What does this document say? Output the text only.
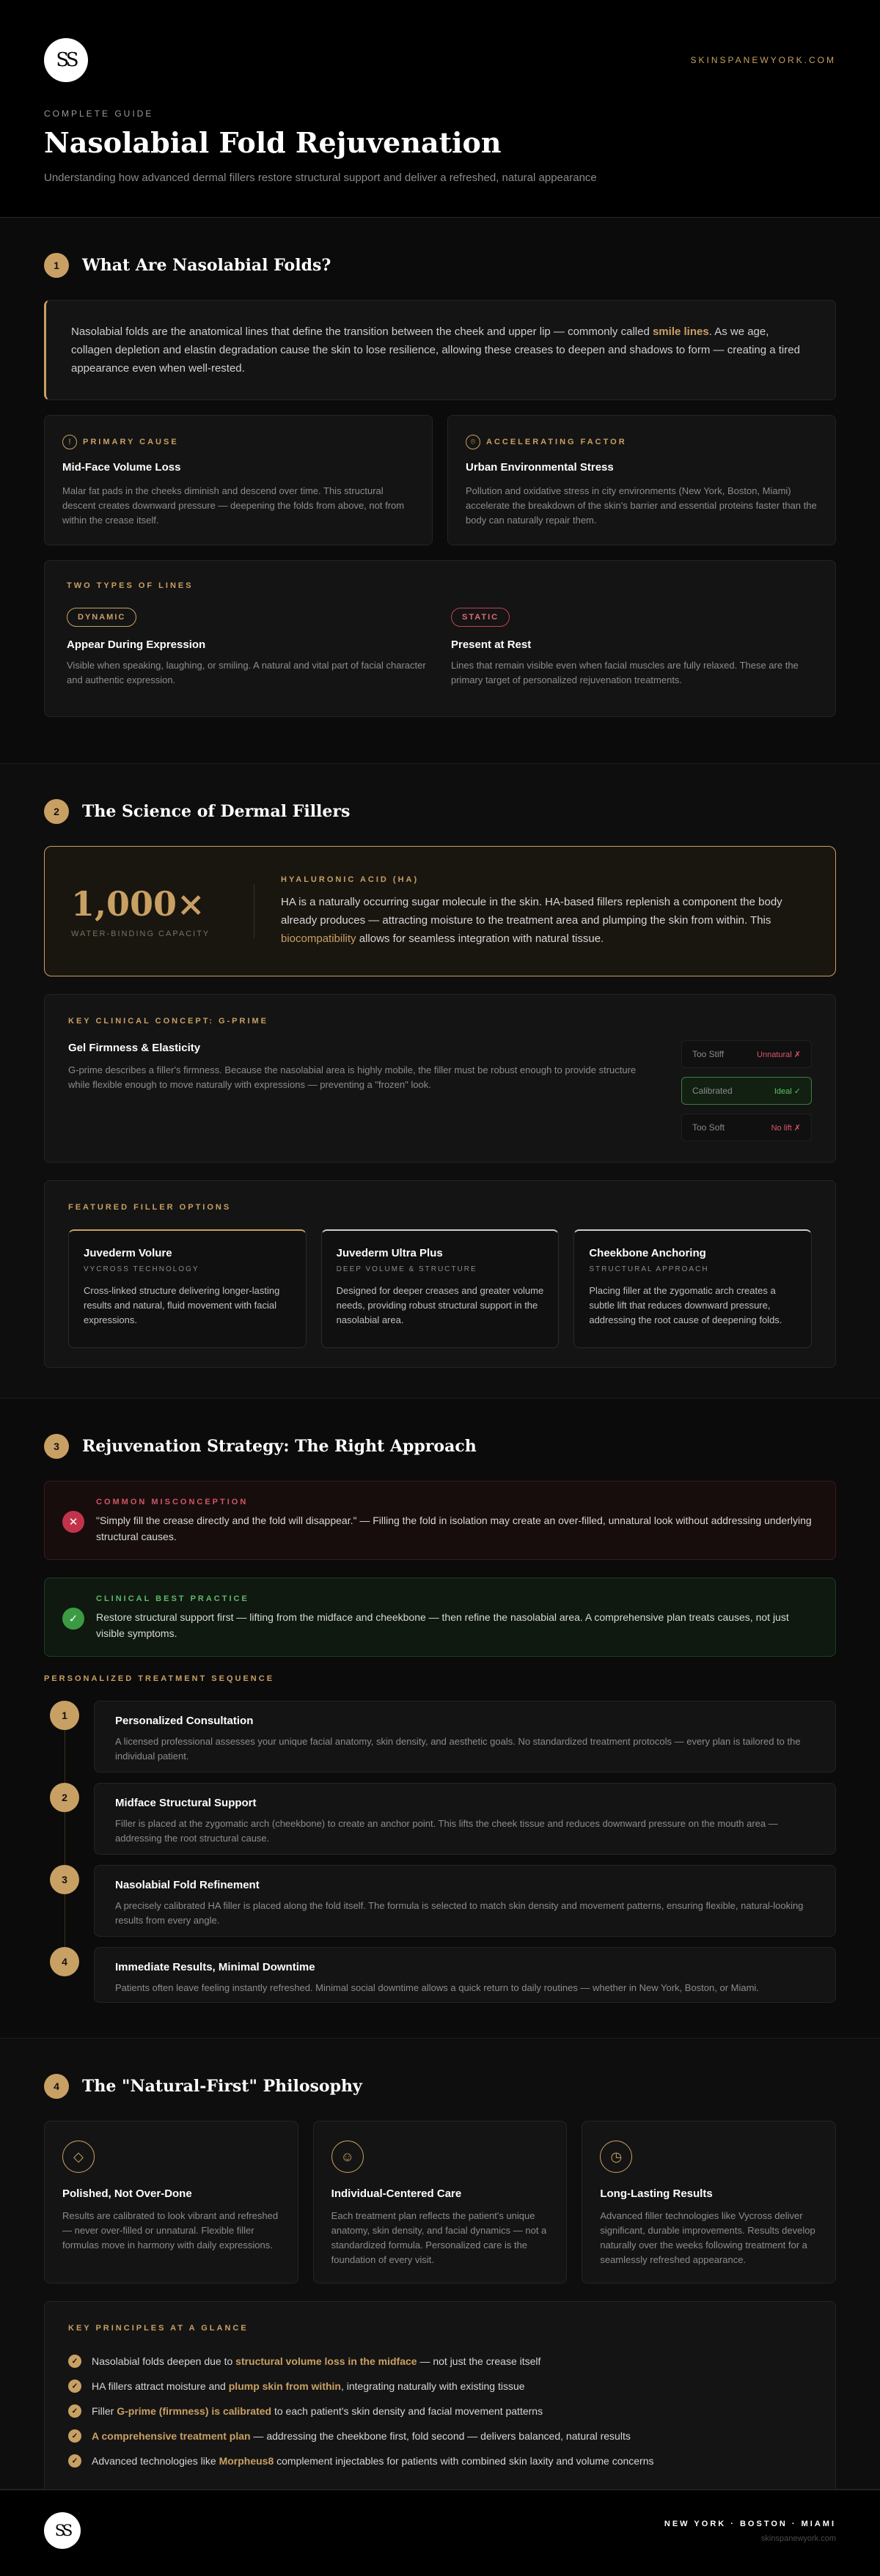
SS	SKINSPANEWYORK.COM
COMPLETE GUIDE
Nasolabial Fold Rejuvenation

Understanding how advanced dermal fillers restore structural support and deliver a refreshed, natural appearance

1	What Are Nasolabial Folds?
Nasolabial folds are the anatomical lines that define the transition between the cheek and upper lip — commonly called smile lines. As we age, collagen depletion and elastin degradation cause the skin to lose resilience, allowing these creases to deepen and shadows to form — creating a tired appearance even when well-rested.
!	PRIMARY CAUSE
Mid-Face Volume Loss

Malar fat pads in the cheeks diminish and descend over time. This structural descent creates downward pressure — deepening the folds from above, not from within the crease itself.

⌾	ACCELERATING FACTOR
Urban Environmental Stress

Pollution and oxidative stress in city environments (New York, Boston, Miami) accelerate the breakdown of the skin's barrier and essential proteins faster than the body can naturally repair them.

TWO TYPES OF LINES
DYNAMIC
Appear During Expression

Visible when speaking, laughing, or smiling. A natural and vital part of facial character and authentic expression.

STATIC
Present at Rest

Lines that remain visible even when facial muscles are fully relaxed. These are the primary target of personalized rejuvenation treatments.

2	The Science of Dermal Fillers
1,000×
WATER-BINDING CAPACITY
HYALURONIC ACID (HA)

HA is a naturally occurring sugar molecule in the skin. HA-based fillers replenish a component the body already produces — attracting moisture to the treatment area and plumping the skin from within. This biocompatibility allows for seamless integration with natural tissue.

KEY CLINICAL CONCEPT: G-PRIME
Gel Firmness & Elasticity

G-prime describes a filler's firmness. Because the nasolabial area is highly mobile, the filler must be robust enough to provide structure while flexible enough to move naturally with expressions — preventing a "frozen" look.

Too Stiff	Unnatural ✗
Calibrated	Ideal ✓
Too Soft	No lift ✗
FEATURED FILLER OPTIONS
Juvederm Volure
VYCROSS TECHNOLOGY

Cross-linked structure delivering longer-lasting results and natural, fluid movement with facial expressions.

Juvederm Ultra Plus
DEEP VOLUME & STRUCTURE

Designed for deeper creases and greater volume needs, providing robust structural support in the nasolabial area.

Cheekbone Anchoring
STRUCTURAL APPROACH

Placing filler at the zygomatic arch creates a subtle lift that reduces downward pressure, addressing the root cause of deepening folds.

3	Rejuvenation Strategy: The Right Approach
✕
COMMON MISCONCEPTION

"Simply fill the crease directly and the fold will disappear." — Filling the fold in isolation may create an over-filled, unnatural look without addressing underlying structural causes.

✓
CLINICAL BEST PRACTICE

Restore structural support first — lifting from the midface and cheekbone — then refine the nasolabial area. A comprehensive plan treats causes, not just visible symptoms.

PERSONALIZED TREATMENT SEQUENCE
1	Personalized Consultation

A licensed professional assesses your unique facial anatomy, skin density, and aesthetic goals. No standardized treatment protocols — every plan is tailored to the individual patient.

2	Midface Structural Support

Filler is placed at the zygomatic arch (cheekbone) to create an anchor point. This lifts the cheek tissue and reduces downward pressure on the mouth area — addressing the root structural cause.

3	Nasolabial Fold Refinement

A precisely calibrated HA filler is placed along the fold itself. The formula is selected to match skin density and movement patterns, ensuring flexible, natural-looking results from every angle.

4	Immediate Results, Minimal Downtime

Patients often leave feeling instantly refreshed. Minimal social downtime allows a quick return to daily routines — whether in New York, Boston, or Miami.

4	The "Natural-First" Philosophy
◇
Polished, Not Over-Done

Results are calibrated to look vibrant and refreshed — never over-filled or unnatural. Flexible filler formulas move in harmony with daily expressions.

☺
Individual-Centered Care

Each treatment plan reflects the patient's unique anatomy, skin density, and facial dynamics — not a standardized formula. Personalized care is the foundation of every visit.

◷
Long-Lasting Results

Advanced filler technologies like Vycross deliver significant, durable improvements. Results develop naturally over the weeks following treatment for a seamlessly refreshed appearance.

KEY PRINCIPLES AT A GLANCE
✓	Nasolabial folds deepen due to structural volume loss in the midface — not just the crease itself
✓	HA fillers attract moisture and plump skin from within, integrating naturally with existing tissue
✓	Filler G-prime (firmness) is calibrated to each patient's skin density and facial movement patterns
✓	A comprehensive treatment plan — addressing the cheekbone first, fold second — delivers balanced, natural results
✓	Advanced technologies like Morpheus8 complement injectables for patients with combined skin laxity and volume concerns
SS	NEW YORK · BOSTON · MIAMI
skinspanewyork.com
